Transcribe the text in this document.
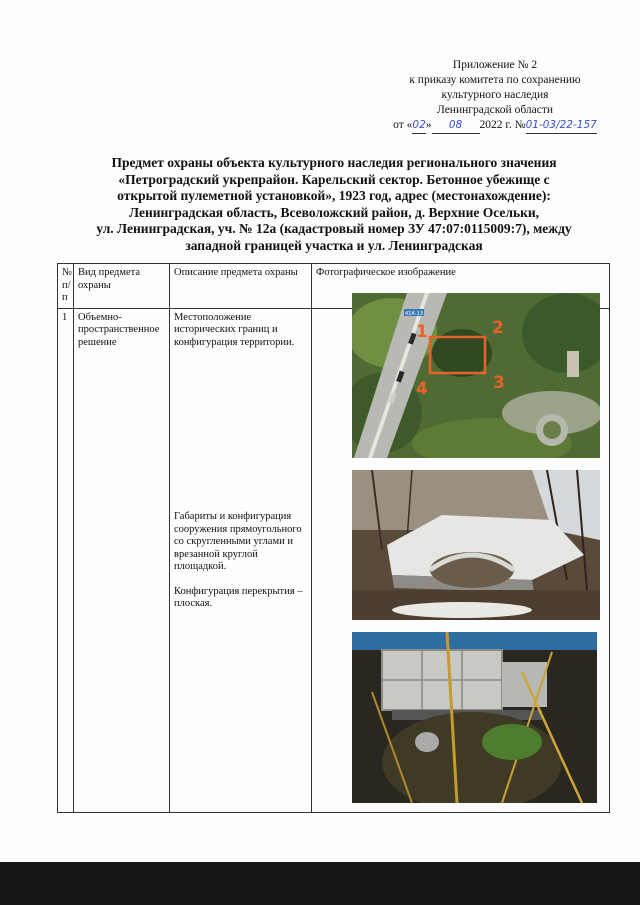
Приложение № 2
к приказу комитета по сохранению
культурного наследия
Ленинградской области
от «02» 08 2022 г. №01-03/22-157
Предмет охраны объекта культурного наследия регионального значения
«Петроградский укрепрайон. Карельский сектор. Бетонное убежище с
открытой пулеметной установкой», 1923 год, адрес (местонахождение):
Ленинградская область, Всеволожский район, д. Верхние Осельки,
ул. Ленинградская, уч. № 12а (кадастровый номер ЗУ 47:07:0115009:7), между
западной границей участка и ул. Ленинградская
№ п/п	Вид предмета охраны	Описание предмета охраны	Фотографическое изображение
1	Объемно-пространственное решение	Местоположение исторических границ и конфигурация территории.
Габариты и конфигурация сооружения прямоугольного со скругленными углами и врезанной круглой площадкой.
Конфигурация перекрытия – плоская.	

41К-13
1	2
3
4
